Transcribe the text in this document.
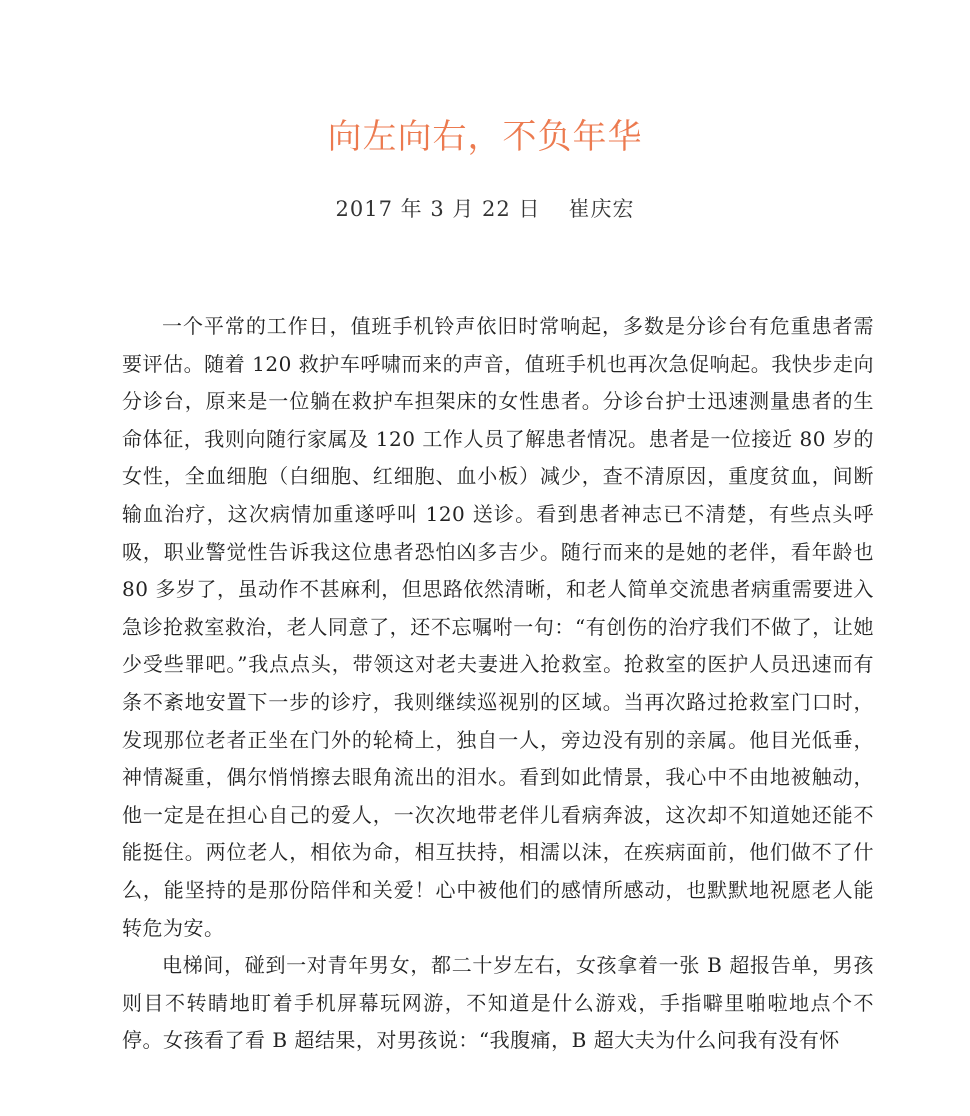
向左向右，不负年华
2017 年 3 月 22 日 崔庆宏

一个平常的工作日，值班手机铃声依旧时常响起，多数是分诊台有危重患者需要评估。随着 120 救护车呼啸而来的声音，值班手机也再次急促响起。我快步走向分诊台，原来是一位躺在救护车担架床的女性患者。分诊台护士迅速测量患者的生命体征，我则向随行家属及 120 工作人员了解患者情况。患者是一位接近 80 岁的女性，全血细胞（白细胞、红细胞、血小板）减少，查不清原因，重度贫血，间断输血治疗，这次病情加重遂呼叫 120 送诊。看到患者神志已不清楚，有些点头呼吸，职业警觉性告诉我这位患者恐怕凶多吉少。随行而来的是她的老伴，看年龄也 80 多岁了，虽动作不甚麻利，但思路依然清晰，和老人简单交流患者病重需要进入急诊抢救室救治，老人同意了，还不忘嘱咐一句：“有创伤的治疗我们不做了，让她少受些罪吧。”我点点头，带领这对老夫妻进入抢救室。抢救室的医护人员迅速而有条不紊地安置下一步的诊疗，我则继续巡视别的区域。当再次路过抢救室门口时，发现那位老者正坐在门外的轮椅上，独自一人，旁边没有别的亲属。他目光低垂，神情凝重，偶尔悄悄擦去眼角流出的泪水。看到如此情景，我心中不由地被触动，他一定是在担心自己的爱人，一次次地带老伴儿看病奔波，这次却不知道她还能不能挺住。两位老人，相依为命，相互扶持，相濡以沫，在疾病面前，他们做不了什么，能坚持的是那份陪伴和关爱！心中被他们的感情所感动，也默默地祝愿老人能转危为安。

电梯间，碰到一对青年男女，都二十岁左右，女孩拿着一张 B 超报告单，男孩则目不转睛地盯着手机屏幕玩网游，不知道是什么游戏，手指噼里啪啦地点个不停。女孩看了看 B 超结果，对男孩说：“我腹痛，B 超大夫为什么问我有没有怀
